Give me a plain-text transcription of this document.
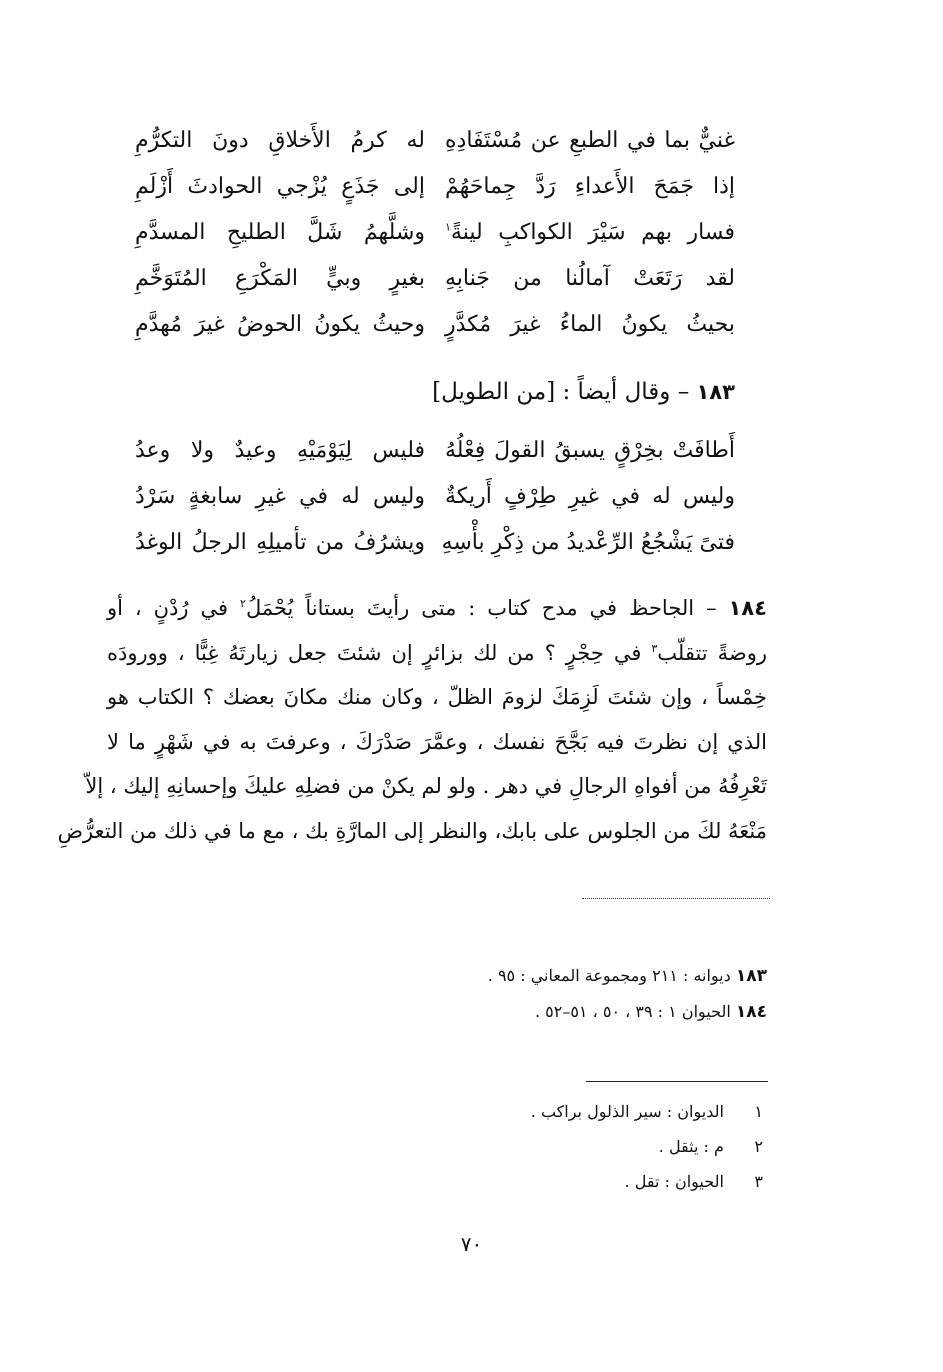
غنيٌّ بما في الطبعِ عن مُسْتَفَادِهِ
له كرمُ الأَخلاقِ دونَ التكرُّمِ
إذا جَمَحَ الأَعداءِ رَدَّ جِماحَهُمْ
إلى جَذَعٍ يُزْجي الحوادثَ أَزْلَمِ
فسار بهم سَيْرَ الكواكبِ لينةً$^١$
وشلَّهمُ شَلَّ الطليحِ المسدَّمِ
لقد رَتَعَتْ آمالُنا من جَنابِهِ
بغيرٍ وبيٍّ المَكْرَعِ المُتَوَخَّمِ
بحيثُ يكونُ الماءُ غيرَ مُكدَّرٍ
وحيثُ يكونُ الحوضُ غيرَ مُهدَّمِ
١٨٣ – وقال أيضاً : [من الطويل]
أَطافَتْ بخِرْقٍ يسبقُ القولَ فِعْلُهُ
فليس لِيَوْمَيْهِ وعيدٌ ولا وعدُ
وليس له في غيرِ طِرْفٍ أَريكةٌ
وليس له في غيرِ سابغةٍ سَرْدُ
فتىً يَشْجُعُ الرِّعْديدُ من ذِكْرِ بأْسِهِ
ويشرُفُ من تأميلِهِ الرجلُ الوغدُ
١٨٤ – الجاحظ في مدح كتاب : متى رأيتَ بستاناً يُحْمَلُ$^٢$ في رُدْنٍ ، أو
روضةً تتقلّب$^٣$ في حِجْرٍ ؟ من لك بزائرٍ إن شئتَ جعل زيارتَهُ غِبًّا ، وورودَه
خِمْساً ، وإن شئتَ لَزِمَكَ لزومَ الظلّ ، وكان منك مكانَ بعضك ؟ الكتاب هو
الذي إن نظرتَ فيه بَجَّحَ نفسك ، وعمَّرَ صَدْرَكَ ، وعرفتَ به في شَهْرٍ ما لا
تَعْرِفُهُ من أفواهِ الرجالِ في دهر . ولو لم يكنْ من فضلِهِ عليكَ وإحسانِهِ إليك ، إلاّ
مَنْعَهُ لكَ من الجلوس على بابك، والنظر إلى المارَّةِ بك ، مع ما في ذلك من التعرُّضِ
١٨٣ ديوانه : ٢١١ ومجموعة المعاني : ٩٥ .
١٨٤ الحيوان ١ : ٣٩ ، ٥٠ ، ٥١–٥٢ .
١ الديوان : سير الذلول براكب .
٢ م : يثقل .
٣ الحيوان : تقل .
٧٠
